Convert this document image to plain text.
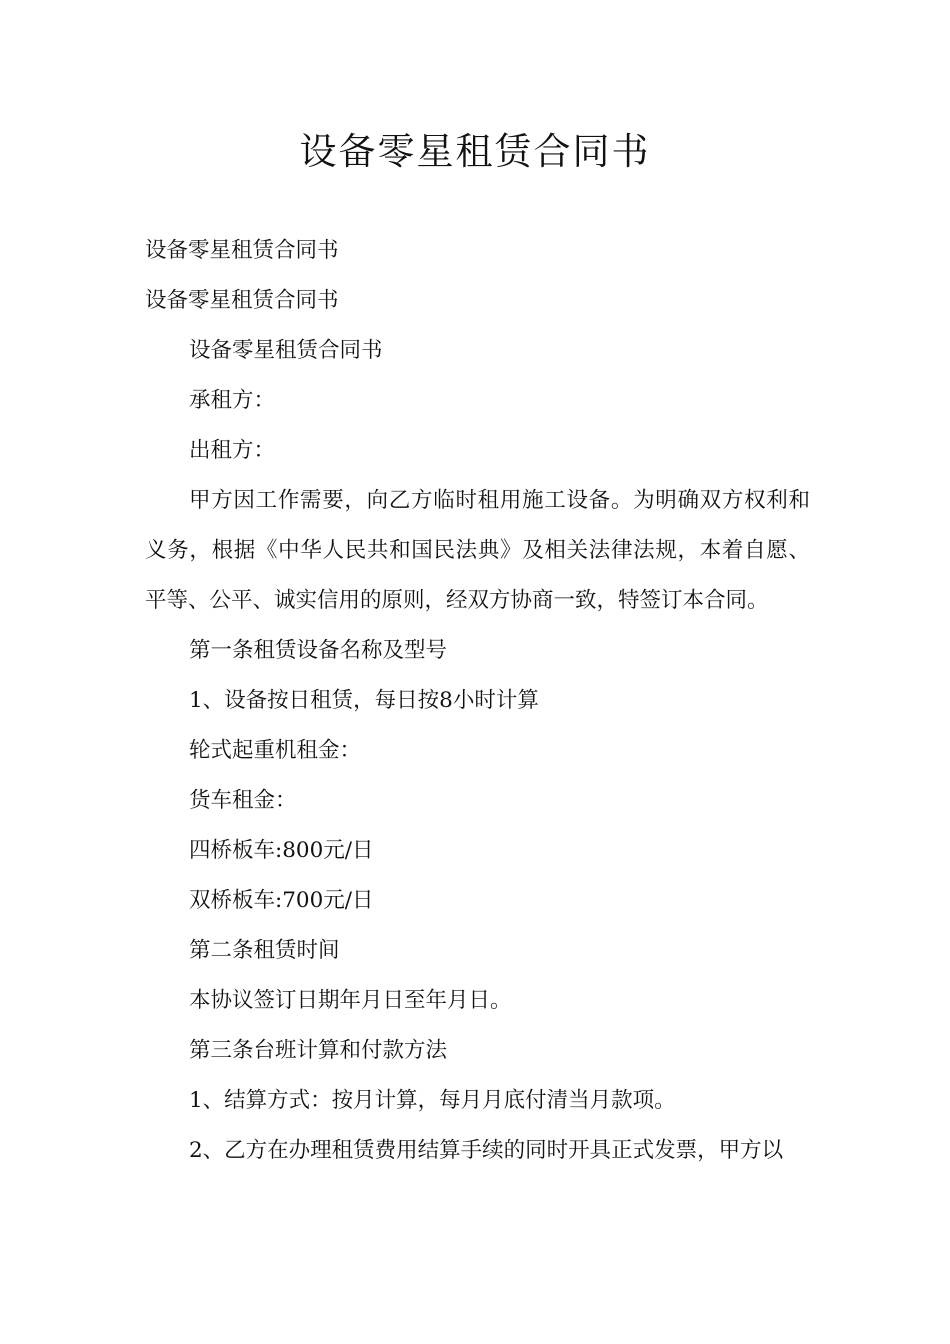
设备零星租赁合同书

设备零星租赁合同书

设备零星租赁合同书

设备零星租赁合同书

承租方：

出租方：

甲方因工作需要，向乙方临时租用施工设备。为明确双方权利和义务，根据《中华人民共和国民法典》及相关法律法规，本着自愿、平等、公平、诚实信用的原则，经双方协商一致，特签订本合同。

第一条租赁设备名称及型号

1、设备按日租赁，每日按8小时计算

轮式起重机租金：

货车租金：

四桥板车:800元/日

双桥板车:700元/日

第二条租赁时间

本协议签订日期年月日至年月日。

第三条台班计算和付款方法

1、结算方式：按月计算，每月月底付清当月款项。

2、乙方在办理租赁费用结算手续的同时开具正式发票，甲方以
